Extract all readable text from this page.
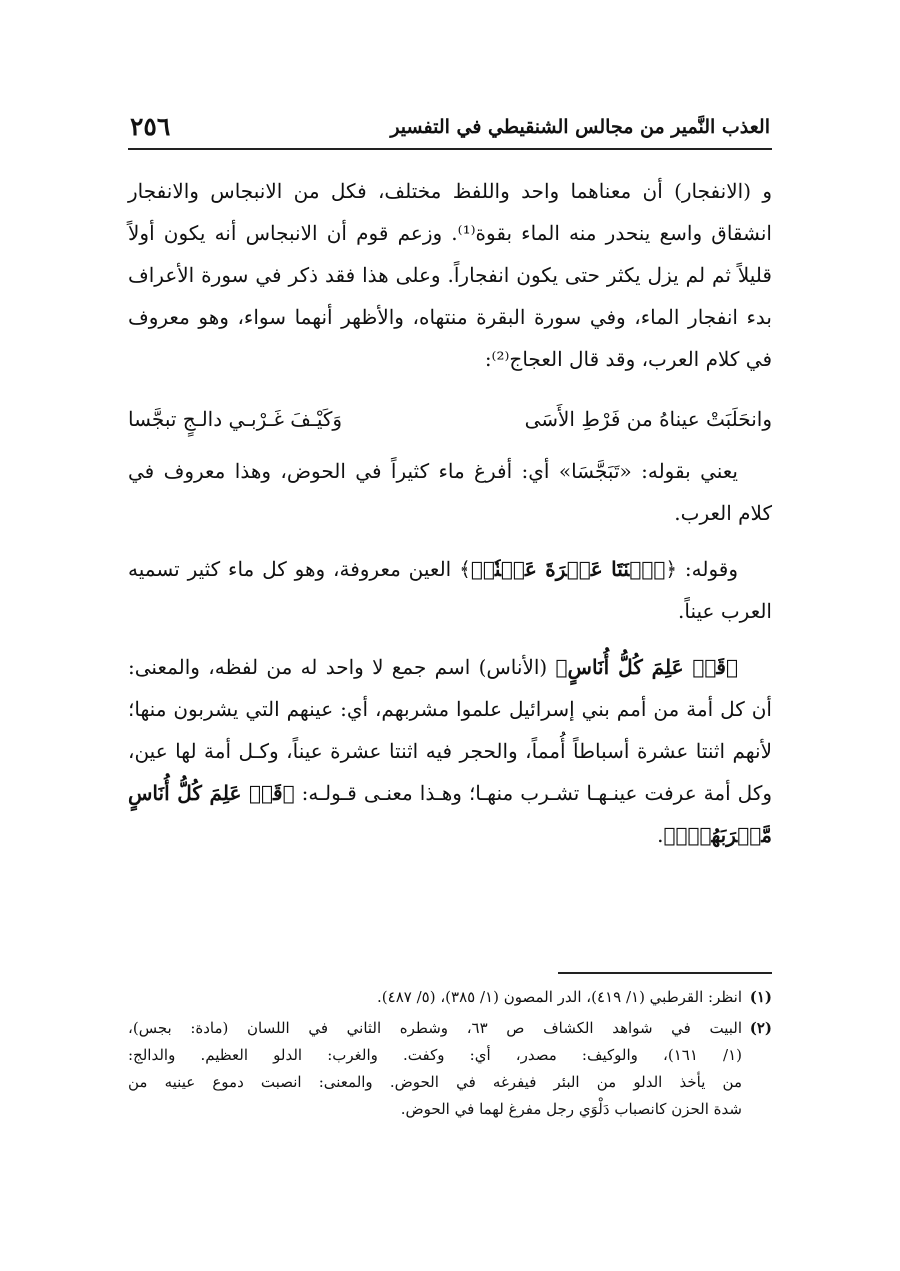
٢٥٦	العذب النَّمير من مجالس الشنقيطي في التفسير

و (الانفجار) أن معناهما واحد واللفظ مختلف، فكل من الانبجاس والانفجار انشقاق واسع ينحدر منه الماء بقوة⁽¹⁾. وزعم قوم أن الانبجاس أنه يكون أولاً قليلاً ثم لم يزل يكثر حتى يكون انفجاراً. وعلى هذا فقد ذكر في سورة الأعراف بدء انفجار الماء، وفي سورة البقرة منتهاه، والأظهر أنهما سواء، وهو معروف في كلام العرب، وقد قال العجاج⁽²⁾:

وانحَلَبَتْ عيناهُ من فَرْطِ الأَسَى
وَكَيْـفَ غَـرْبـي دالـجٍ تبجَّسا

يعني بقوله: «تَبَجَّسَا» أي: أفرغ ماء كثيراً في الحوض، وهذا معروف في كلام العرب.

وقوله: ﴿ٱثۡنَتَا عَشۡرَةَ عَيۡنٗاۖ﴾ العين معروفة، وهو كل ماء كثير تسميه العرب عيناً.

﴿قَدۡ عَلِمَ كُلُّ أُنَاسٍ﴾ (الأناس) اسم جمع لا واحد له من لفظه، والمعنى: أن كل أمة من أمم بني إسرائيل علموا مشربهم، أي: عينهم التي يشربون منها؛ لأنهم اثنتا عشرة أسباطاً أُمماً، والحجر فيه اثنتا عشرة عيناً، وكـل أمة لها عين، وكل أمة عرفت عينـهـا تشـرب منهـا؛ وهـذا معنـى قـولـه: ﴿قَدۡ عَلِمَ كُلُّ أُنَاسٍ مَّشۡرَبَهُمۡۖ﴾.

(١)
انظر: القرطبي (١/ ٤١٩)، الدر المصون (١/ ٣٨٥)، (٥/ ٤٨٧).
(٢)
البيت في شواهد الكشاف ص ٦٣، وشطره الثاني في اللسان (مادة: بجس)،
(١/ ١٦١)، والوكيف: مصدر، أي: وكفت. والغرب: الدلو العظيم. والدالج:
من يأخذ الدلو من البئر فيفرغه في الحوض. والمعنى: انصبت دموع عينيه من
شدة الحزن كانصباب دَلْوَي رجل مفرغ لهما في الحوض.
